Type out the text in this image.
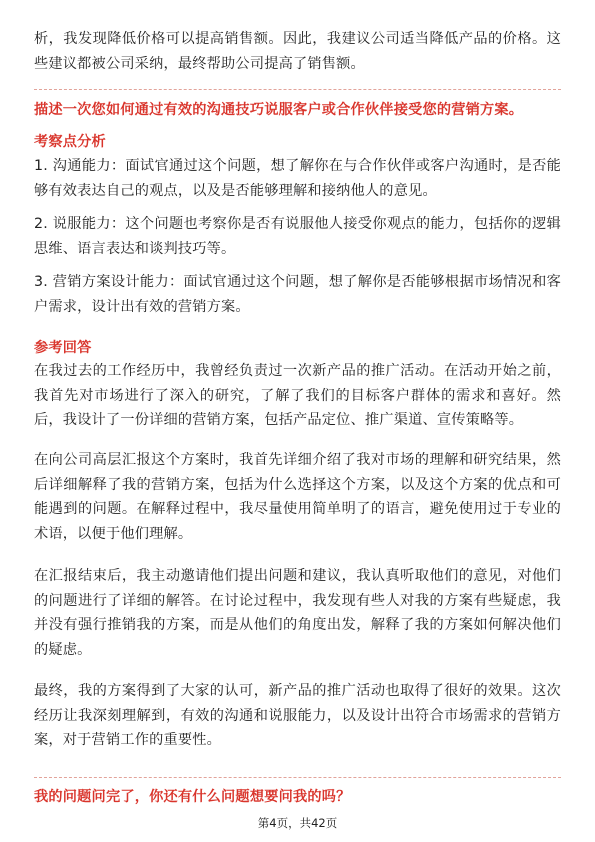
析，我发现降低价格可以提高销售额。因此，我建议公司适当降低产品的价格。这些建议都被公司采纳，最终帮助公司提高了销售额。
描述一次您如何通过有效的沟通技巧说服客户或合作伙伴接受您的营销方案。
考察点分析
1. 沟通能力：面试官通过这个问题，想了解你在与合作伙伴或客户沟通时，是否能够有效表达自己的观点，以及是否能够理解和接纳他人的意见。
2. 说服能力：这个问题也考察你是否有说服他人接受你观点的能力，包括你的逻辑思维、语言表达和谈判技巧等。
3. 营销方案设计能力：面试官通过这个问题，想了解你是否能够根据市场情况和客户需求，设计出有效的营销方案。
参考回答
在我过去的工作经历中，我曾经负责过一次新产品的推广活动。在活动开始之前，我首先对市场进行了深入的研究，了解了我们的目标客户群体的需求和喜好。然后，我设计了一份详细的营销方案，包括产品定位、推广渠道、宣传策略等。
在向公司高层汇报这个方案时，我首先详细介绍了我对市场的理解和研究结果，然后详细解释了我的营销方案，包括为什么选择这个方案，以及这个方案的优点和可能遇到的问题。在解释过程中，我尽量使用简单明了的语言，避免使用过于专业的术语，以便于他们理解。
在汇报结束后，我主动邀请他们提出问题和建议，我认真听取他们的意见，对他们的问题进行了详细的解答。在讨论过程中，我发现有些人对我的方案有些疑虑，我并没有强行推销我的方案，而是从他们的角度出发，解释了我的方案如何解决他们的疑虑。
最终，我的方案得到了大家的认可，新产品的推广活动也取得了很好的效果。这次经历让我深刻理解到，有效的沟通和说服能力，以及设计出符合市场需求的营销方案，对于营销工作的重要性。
我的问题问完了，你还有什么问题想要问我的吗？
第4页，共42页
